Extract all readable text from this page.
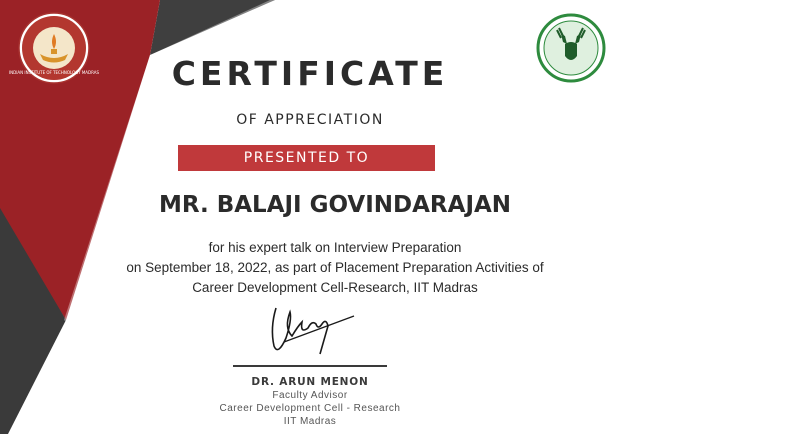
INDIAN INSTITUTE OF TECHNOLOGY MADRAS	CERTIFICATE
OF APPRECIATION
PRESENTED TO
MR. BALAJI GOVINDARAJAN
for his expert talk on Interview Preparation
on September 18, 2022, as part of Placement Preparation Activities of
Career Development Cell-Research, IIT Madras
DR. ARUN MENON
Faculty Advisor
Career Development Cell - Research
IIT Madras
